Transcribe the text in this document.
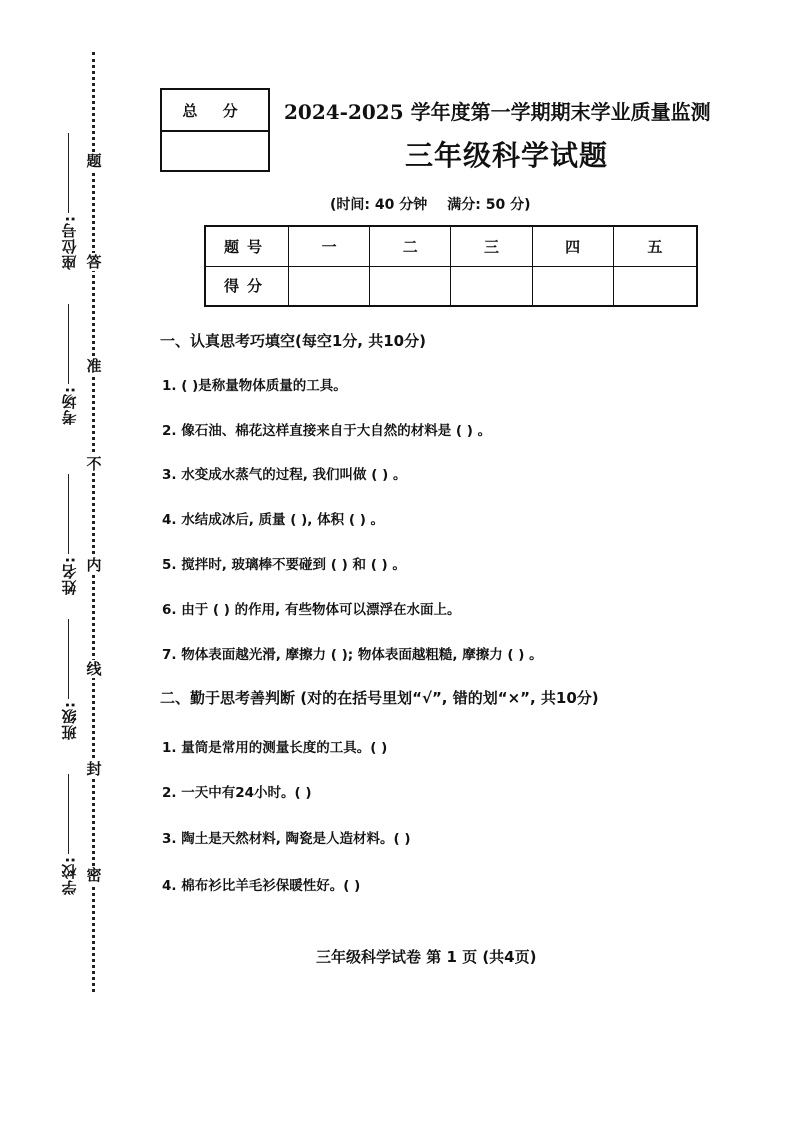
题
答
准
不
内
线
封
密
座位号:
考场:
姓名:
班级:
学校:
总 分	2024-2025 学年度第一学期期末学业质量监测
三年级科学试题
(时间: 40 分钟 满分: 50 分)
题号	一	二	三	四	五
得分					
一、认真思考巧填空(每空1分, 共10分)
1. ( )是称量物体质量的工具。
2. 像石油、棉花这样直接来自于大自然的材料是 ( ) 。
3. 水变成水蒸气的过程, 我们叫做 ( ) 。
4. 水结成冰后, 质量 ( ), 体积 ( ) 。
5. 搅拌时, 玻璃棒不要碰到 ( ) 和 ( ) 。
6. 由于 ( ) 的作用, 有些物体可以漂浮在水面上。
7. 物体表面越光滑, 摩擦力 ( ); 物体表面越粗糙, 摩擦力 ( ) 。
二、勤于思考善判断 (对的在括号里划“√”, 错的划“×”, 共10分)
1. 量筒是常用的测量长度的工具。( )
2. 一天中有24小时。( )
3. 陶土是天然材料, 陶瓷是人造材料。( )
4. 棉布衫比羊毛衫保暖性好。( )
三年级科学试卷 第 1 页 (共4页)
